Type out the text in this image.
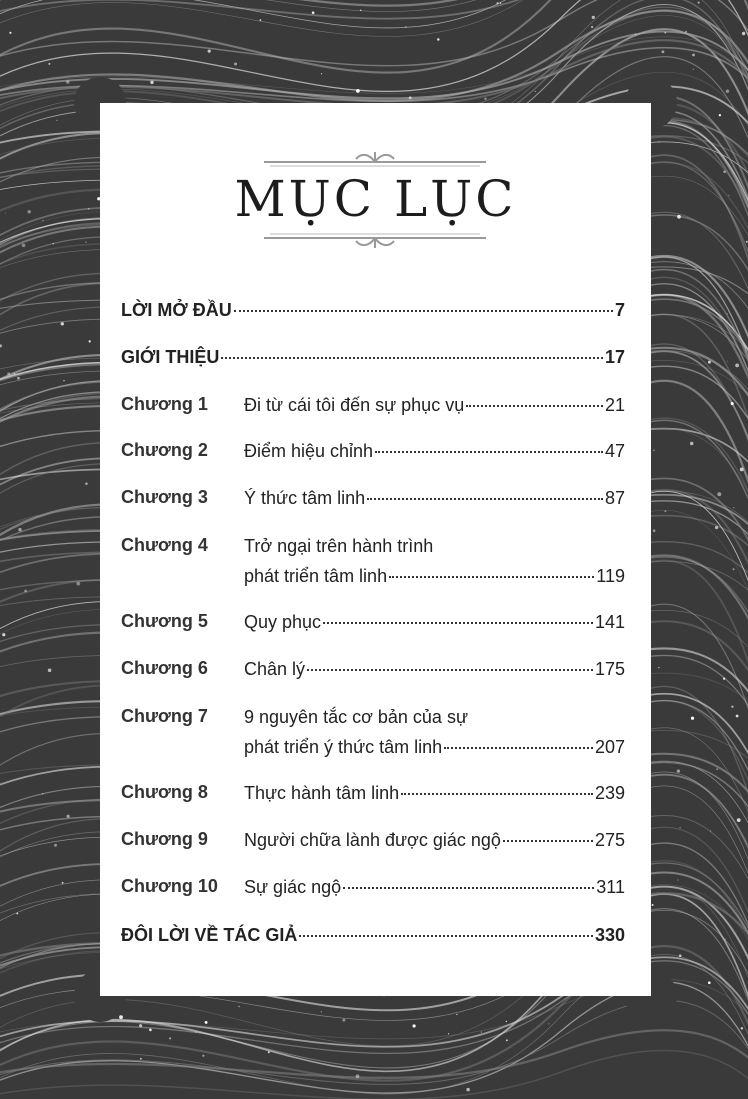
MỤC LỤC
LỜI MỞ ĐẦU	7
GIỚI THIỆU	17
Chương 1 Đi từ cái tôi đến sự phục vụ	21
Chương 2 Điểm hiệu chỉnh	47
Chương 3 Ý thức tâm linh	87
Chương 4 Trở ngại trên hành trình
phát triển tâm linh	119
Chương 5 Quy phục	141
Chương 6 Chân lý	175
Chương 7 9 nguyên tắc cơ bản của sự
phát triển ý thức tâm linh	207
Chương 8 Thực hành tâm linh	239
Chương 9 Người chữa lành được giác ngộ	275
Chương 10 Sự giác ngộ	311
ĐÔI LỜI VỀ TÁC GIẢ	330
